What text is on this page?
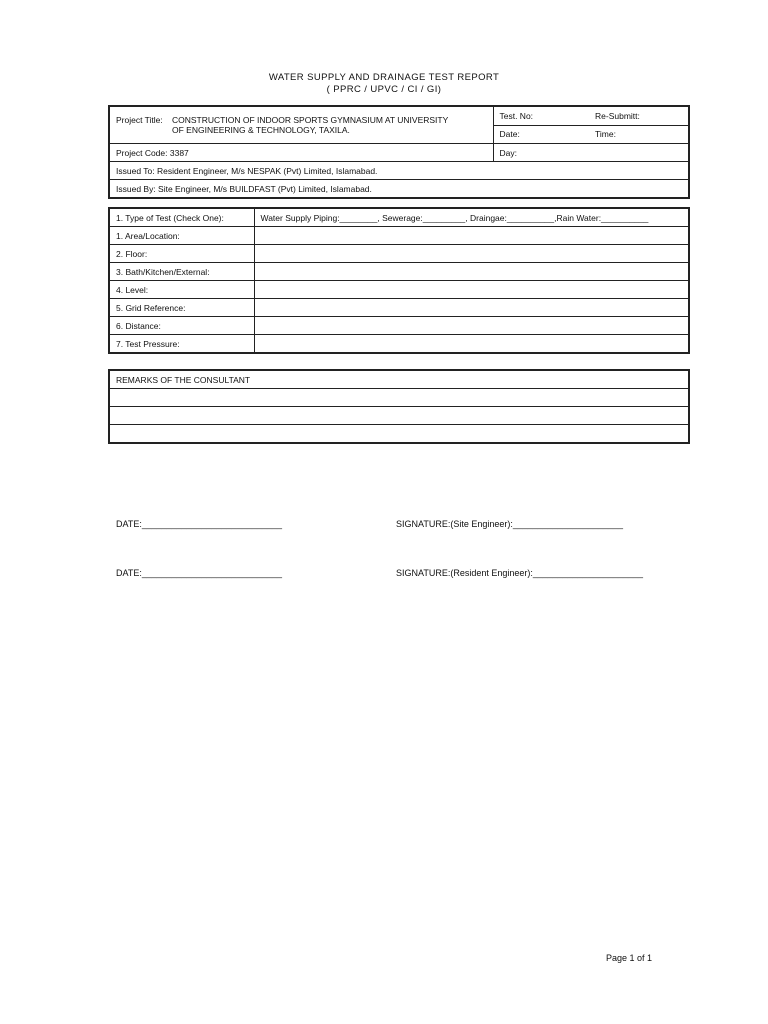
WATER SUPPLY AND DRAINAGE TEST REPORT
( PPRC / UPVC / CI / GI)
Project Title: CONSTRUCTION OF INDOOR SPORTS GYMNASIUM AT UNIVERSITY
OF ENGINEERING & TECHNOLOGY, TAXILA.	Test. No:	Re-Submitt:
	Date:	Time:
Project Code: 3387	Day:	
Issued To: Resident Engineer, M/s NESPAK (Pvt) Limited, Islamabad.		
Issued By: Site Engineer, M/s BUILDFAST (Pvt) Limited, Islamabad.		
1. Type of Test (Check One):	Water Supply Piping:________, Sewerage:_________, Draingae:__________,Rain Water:__________
1. Area/Location:	
2. Floor:	
3. Bath/Kitchen/External:	
4. Level:	
5. Grid Reference:	
6. Distance:	
7. Test Pressure:	
REMARKS OF THE CONSULTANT

DATE:____________________________	SIGNATURE:(Site Engineer):______________________
DATE:____________________________	SIGNATURE:(Resident Engineer):______________________
Page 1 of 1
